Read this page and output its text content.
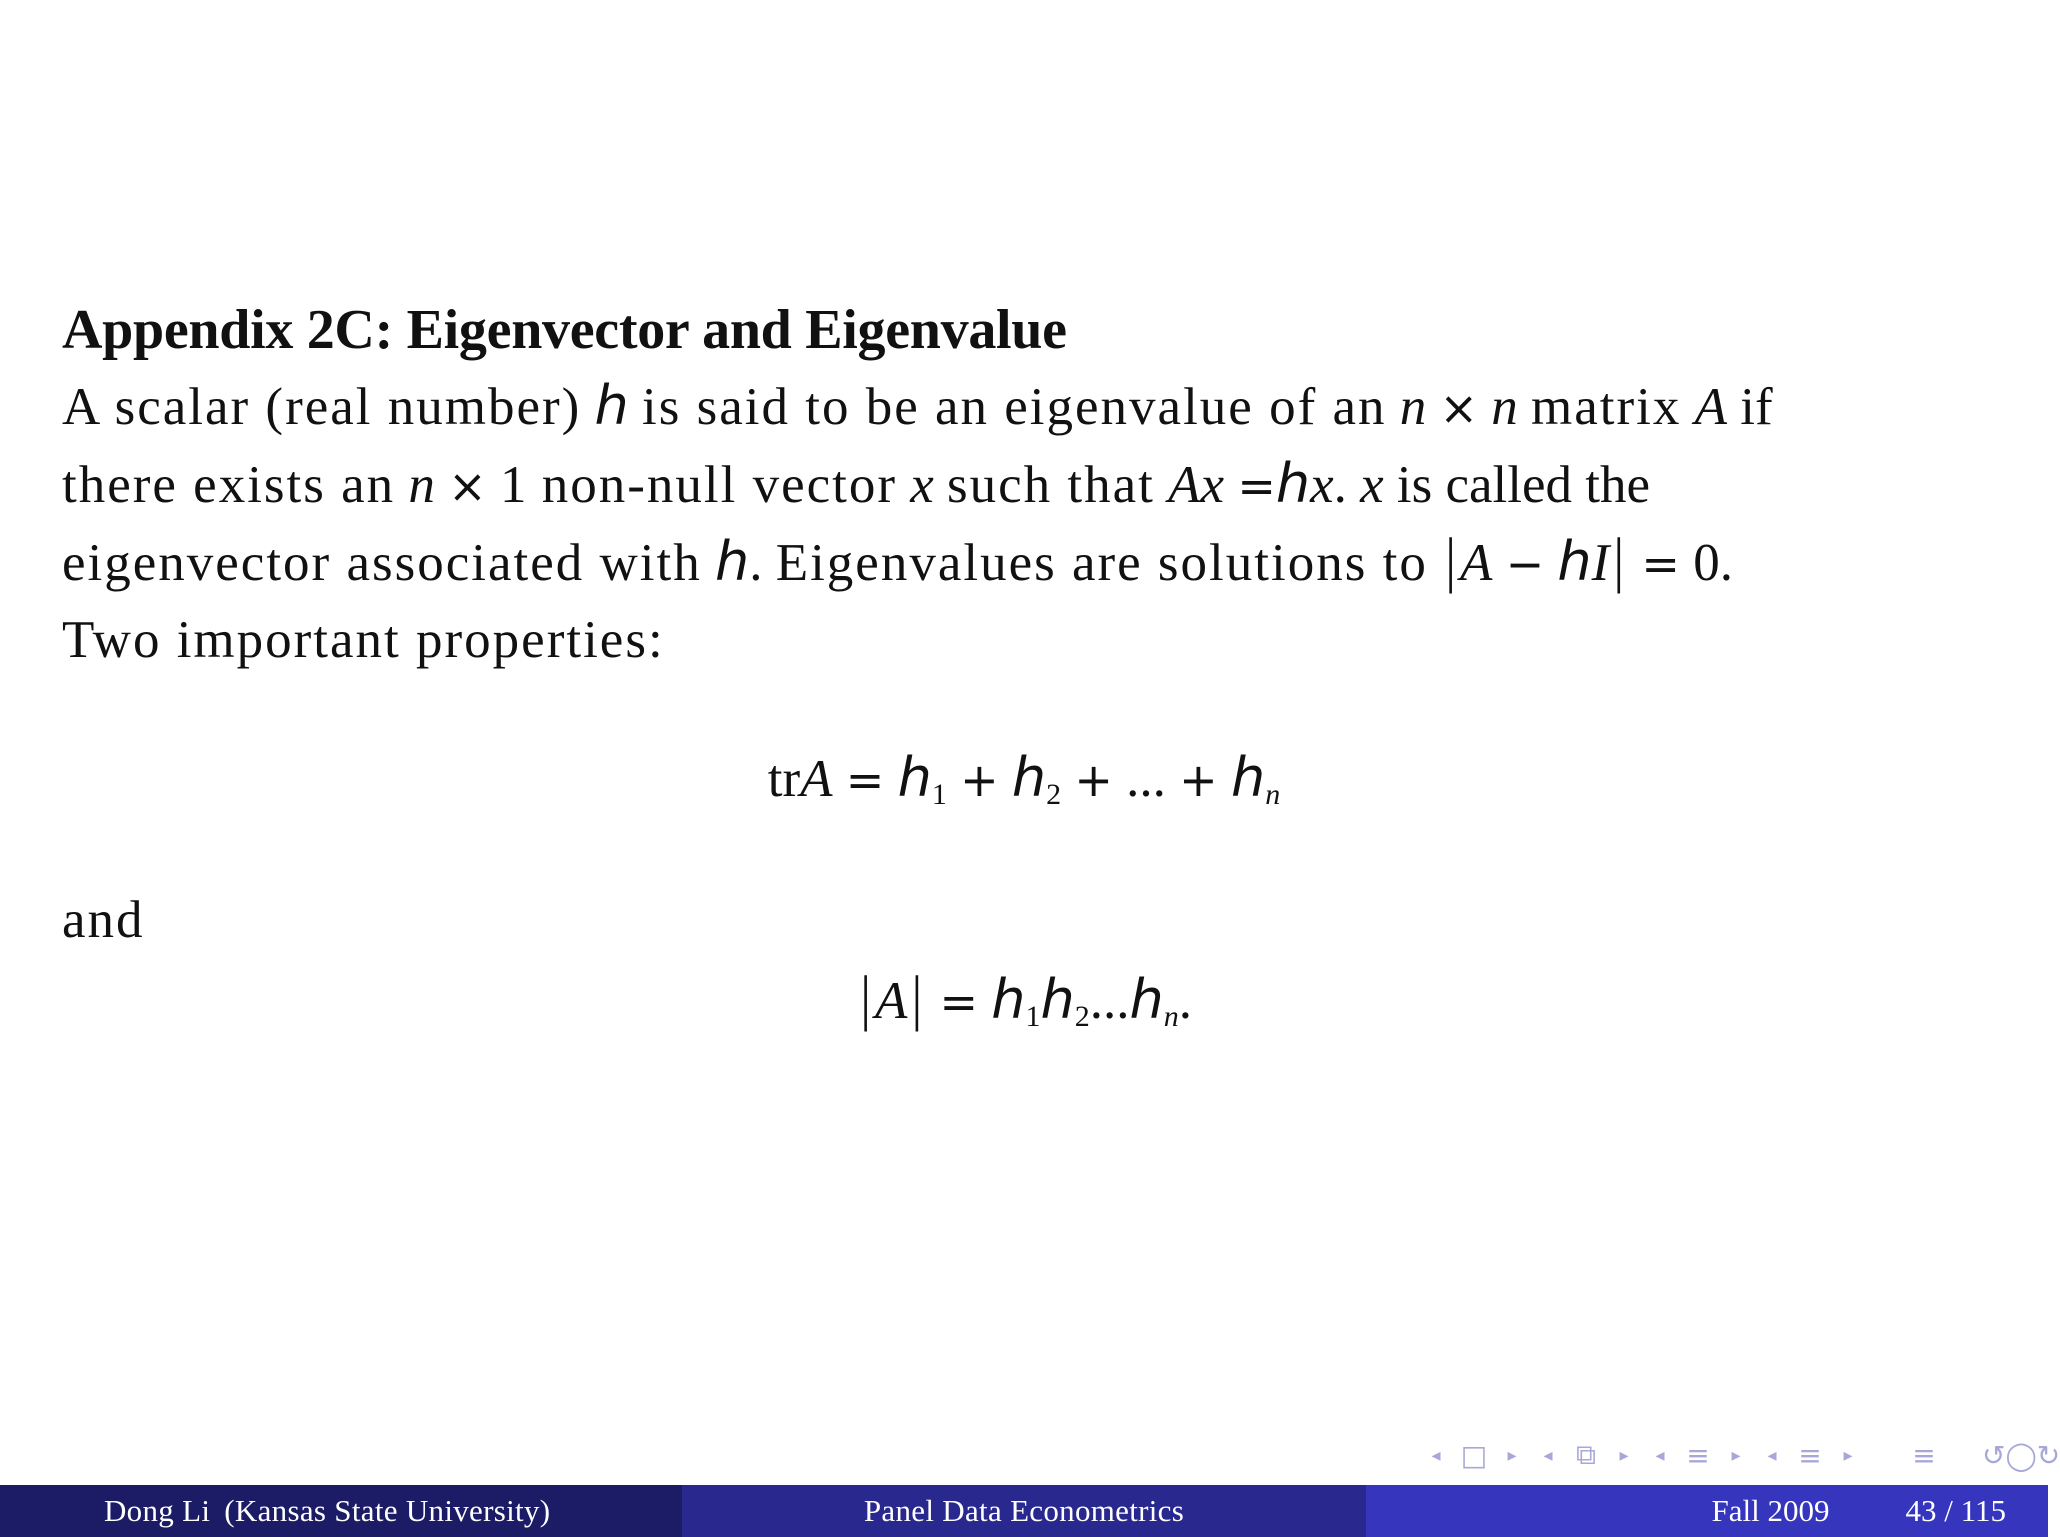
Appendix 2C: Eigenvector and Eigenvalue
A scalar (real number) h is said to be an eigenvalue of an n × n matrix A if
there exists an n × 1 non-null vector x such that Ax =hx. x is called the
eigenvector associated with h. Eigenvalues are solutions to |A − hI| = 0.
Two important properties:
trA = $h_1 + h_2$ + ... + $h_n$
and
$|A| = h_1h_2...h_n$.
◂ □	▸	◂ ⧉	▸	◂ ≡	▸	◂ ≡	▸	≡ ↺◯↻
Dong Li (Kansas State University)	Panel Data Econometrics	Fall 2009 43 / 115
